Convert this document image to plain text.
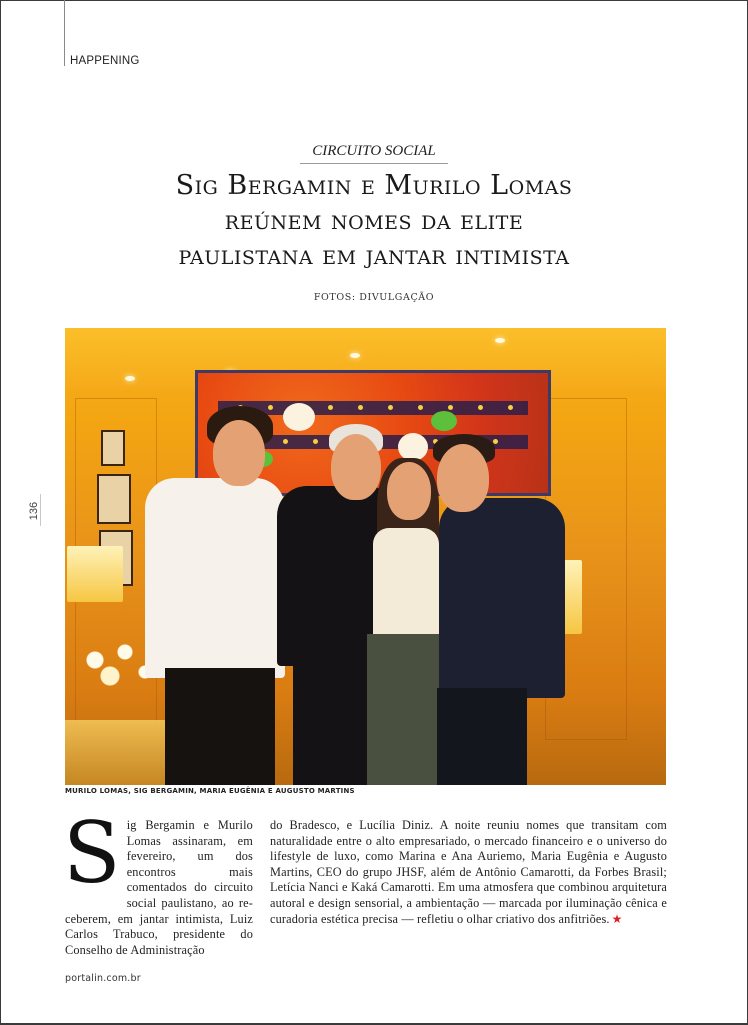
HAPPENING
CIRCUITO SOCIAL
Sig Bergamin e Murilo Lomas
reúnem nomes da elite
paulistana em jantar intimista
FOTOS: DIVULGAÇÃO
MURILO LOMAS, SIG BERGAMIN, MARIA EUGÊNIA E AUGUSTO MARTINS
136
Sig Bergamin e Murilo Lomas assinaram, em fevereiro, um dos encontros mais comentados do circuito social paulistano, ao re-ceberem, em jantar intimista, Luiz Carlos Trabuco, presidente do Conselho de Administração
do Bradesco, e Lucília Diniz. A noite reuniu nomes que transitam com naturalidade entre o alto empresariado, o mercado financeiro e o universo do lifestyle de luxo, como Marina e Ana Auriemo, Maria Eugênia e Augusto Martins, CEO do grupo JHSF, além de Antônio Camarotti, da Forbes Brasil; Letícia Nanci e Kaká Camarotti. Em uma atmosfera que combinou arquitetura autoral e design sensorial, a ambientação — marcada por iluminação cênica e curadoria estética precisa — refletiu o olhar criativo dos anfitriões. ★
portalin.com.br
